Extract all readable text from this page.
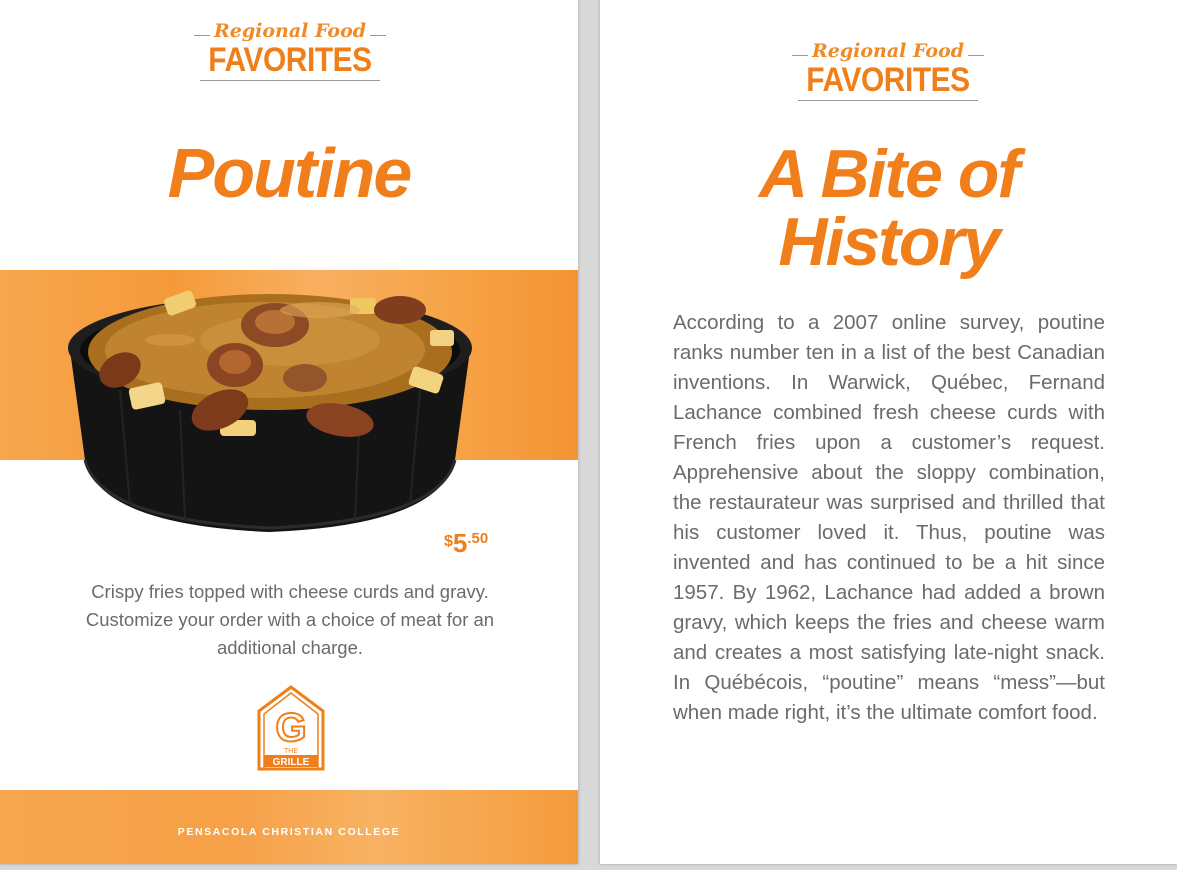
Regional Food
FAVORITES
Poutine
$5.50
Crispy fries topped with cheese curds and gravy. Customize your order with a choice of meat for an additional charge.
G
THE
GRILLE
PENSACOLA CHRISTIAN COLLEGE
Regional Food
FAVORITES
A Bite of
History

According to a 2007 online survey, poutine ranks number ten in a list of the best Canadian inventions. In Warwick, Québec, Fernand Lachance combined fresh cheese curds with French fries upon a customer’s request. Apprehensive about the sloppy combination, the restaurateur was surprised and thrilled that his customer loved it. Thus, poutine was invented and has continued to be a hit since 1957. By 1962, Lachance had added a brown gravy, which keeps the fries and cheese warm and creates a most satisfying late-night snack. In Québécois, “poutine” means “mess”—but when made right, it’s the ultimate comfort food.
